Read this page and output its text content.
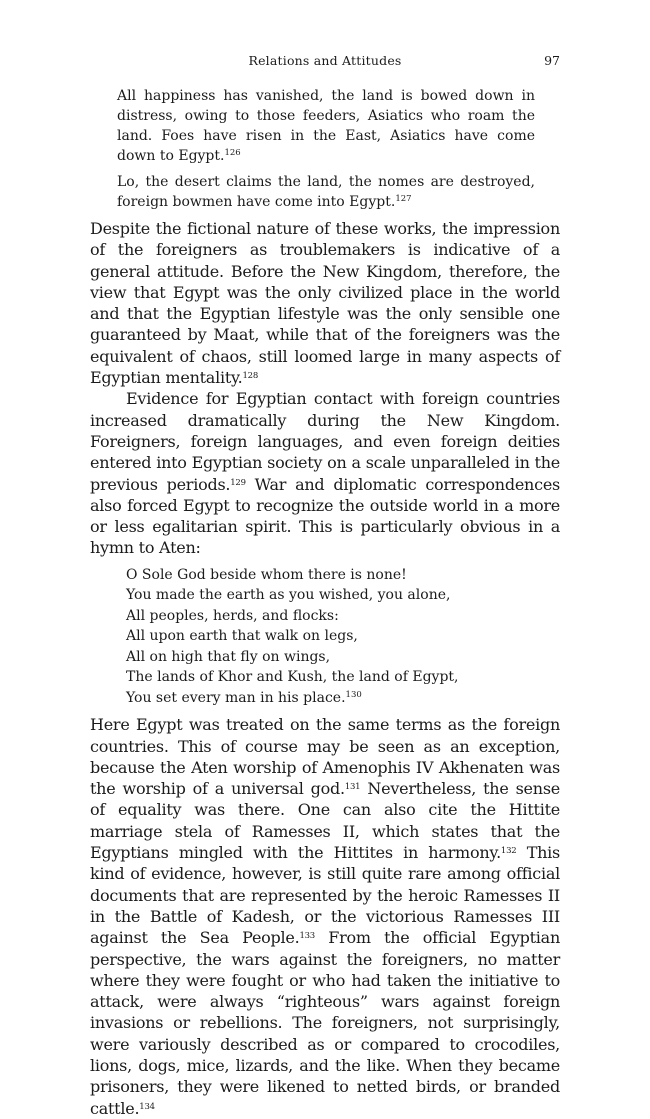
Relations and Attitudes	97

All happiness has vanished, the land is bowed down in distress, owing to those feeders, Asiatics who roam the land. Foes have risen in the East, Asiatics have come down to Egypt.$^{126}$

Lo, the desert claims the land, the nomes are destroyed, foreign bowmen have come into Egypt.$^{127}$

Despite the fictional nature of these works, the impression of the foreigners as troublemakers is indicative of a general attitude. Before the New Kingdom, therefore, the view that Egypt was the only civilized place in the world and that the Egyptian lifestyle was the only sensible one guaranteed by Maat, while that of the foreigners was the equivalent of chaos, still loomed large in many aspects of Egyptian mentality.$^{128}$

Evidence for Egyptian contact with foreign countries increased dramatically during the New Kingdom. Foreigners, foreign languages, and even foreign deities entered into Egyptian society on a scale unparalleled in the previous periods.$^{129}$ War and diplomatic correspondences also forced Egypt to recognize the outside world in a more or less egalitarian spirit. This is particularly obvious in a hymn to Aten:

O Sole God beside whom there is none!
You made the earth as you wished, you alone,
All peoples, herds, and flocks:
All upon earth that walk on legs,
All on high that fly on wings,
The lands of Khor and Kush, the land of Egypt,
You set every man in his place.$^{130}$

Here Egypt was treated on the same terms as the foreign countries. This of course may be seen as an exception, because the Aten worship of Amenophis IV Akhenaten was the worship of a universal god.$^{131}$ Nevertheless, the sense of equality was there. One can also cite the Hittite marriage stela of Ramesses II, which states that the Egyptians mingled with the Hittites in harmony.$^{132}$ This kind of evidence, however, is still quite rare among official documents that are represented by the heroic Ramesses II in the Battle of Kadesh, or the victorious Ramesses III against the Sea People.$^{133}$ From the official Egyptian perspective, the wars against the foreigners, no matter where they were fought or who had taken the initiative to attack, were always “righteous” wars against foreign invasions or rebellions. The foreigners, not surprisingly, were variously described as or compared to crocodiles, lions, dogs, mice, lizards, and the like. When they became prisoners, they were likened to netted birds, or branded cattle.$^{134}$
